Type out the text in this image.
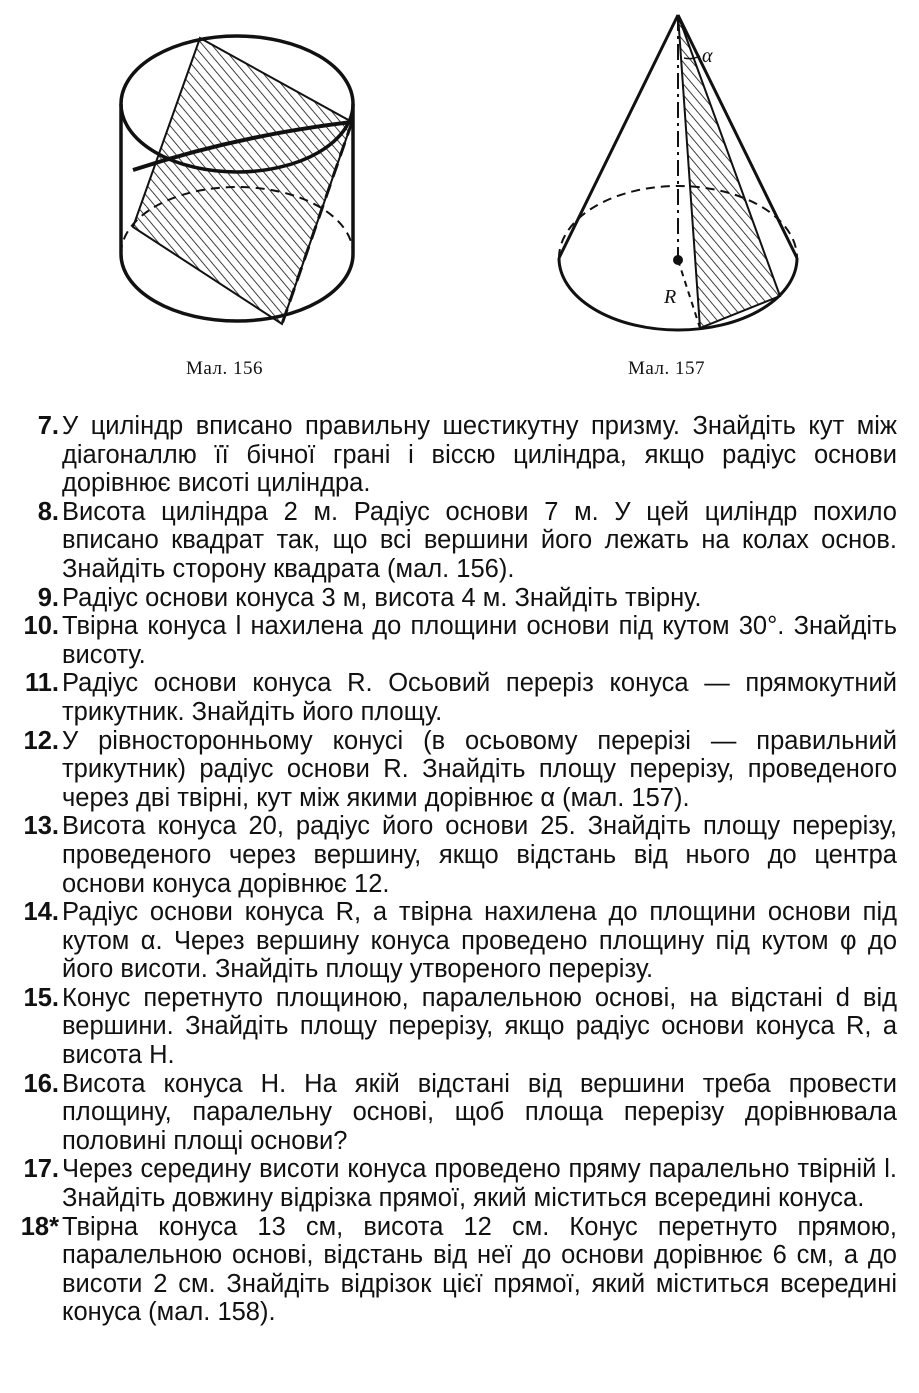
α
R
Мал. 156	Мал. 157
7. У циліндр вписано правильну шестикутну призму. Знайдіть кут між діагоналлю її бічної грані і віссю циліндра, якщо радіус основи дорівнює висоті циліндра.
8. Висота циліндра 2 м. Радіус основи 7 м. У цей циліндр похило вписано квадрат так, що всі вершини його лежать на колах основ. Знайдіть сторону квадрата (мал. 156).
9. Радіус основи конуса 3 м, висота 4 м. Знайдіть твірну.
10. Твірна конуса l нахилена до площини основи під кутом 30°. Знайдіть висоту.
11. Радіус основи конуса R. Осьовий переріз конуса — прямокутний трикутник. Знайдіть його площу.
12. У рівносторонньому конусі (в осьовому перерізі — правильний трикутник) радіус основи R. Знайдіть площу перерізу, проведеного через дві твірні, кут між якими дорівнює α (мал. 157).
13. Висота конуса 20, радіус його основи 25. Знайдіть площу перерізу, проведеного через вершину, якщо відстань від нього до центра основи конуса дорівнює 12.
14. Радіус основи конуса R, а твірна нахилена до площини основи під кутом α. Через вершину конуса проведено площину під кутом φ до його висоти. Знайдіть площу утвореного перерізу.
15. Конус перетнуто площиною, паралельною основі, на відстані d від вершини. Знайдіть площу перерізу, якщо радіус основи конуса R, а висота H.
16. Висота конуса H. На якій відстані від вершини треба провести площину, паралельну основі, щоб площа перерізу дорівнювала половині площі основи?
17. Через середину висоти конуса проведено пряму паралельно твірній l. Знайдіть довжину відрізка прямої, який міститься всередині конуса.
18* Твірна конуса 13 см, висота 12 см. Конус перетнуто прямою, паралельною основі, відстань від неї до основи дорівнює 6 см, а до висоти 2 см. Знайдіть відрізок цієї прямої, який міститься всередині конуса (мал. 158).
